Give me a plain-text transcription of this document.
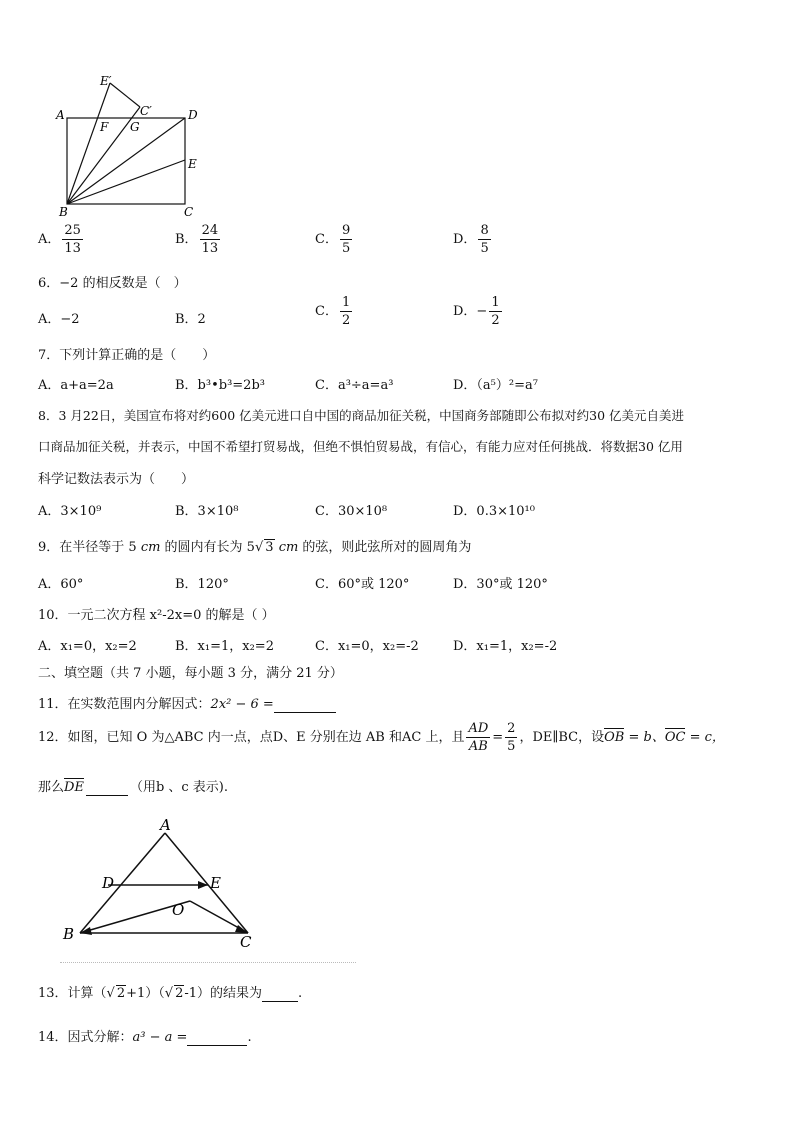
E′
C′
A	D
F G
E
B	C
A． $\frac{25}{13}$	B． $\frac{24}{13}$	C． $\frac{9}{5}$	D． $\frac{8}{5}$
6．−2 的相反数是（　）
A．−2	B．2
C． $\frac{1}{2}$	D．− $\frac{1}{2}$
7．下列计算正确的是（　　）
A．a+a=2a	B．b³•b³=2b³	C．a³÷a=a³	D．（a⁵）²=a⁷
8．3 月22日，美国宣布将对约600 亿美元进口自中国的商品加征关税，中国商务部随即公布拟对约30 亿美元自美进
口商品加征关税，并表示，中国不希望打贸易战，但绝不惧怕贸易战，有信心，有能力应对任何挑战．将数据30 亿用
科学记数法表示为（　　）
A．3×10⁹	B．3×10⁸	C．30×10⁸	D．0.3×10¹⁰
9．在半径等于 5 cm 的圆内有长为 5√ 3 cm 的弦，则此弦所对的圆周角为
A．60°	B．120°	C．60°或 120°	D．30°或 120°
10．一元二次方程 x²-2x=0 的解是（ ）
A．x₁=0，x₂=2	B．x₁=1，x₂=2	C．x₁=0，x₂=-2	D．x₁=1，x₂=-2
二、填空题（共 7 小题，每小题 3 分，满分 21 分）
11．在实数范围内分解因式：2x² − 6 =
12．如图，已知 O 为△ABC 内一点，点D、E 分别在边 AB 和AC 上，且 $\frac{AD}{AB} = \frac{2}{5}$ ，DE∥BC，设OB = b、OC = c，
那么DE	（用b 、c 表示).
A
D	E
O
B	C
13．计算（√ 2+1）（√ 2-1）的结果为	.
14．因式分解：a³ − a =	.
